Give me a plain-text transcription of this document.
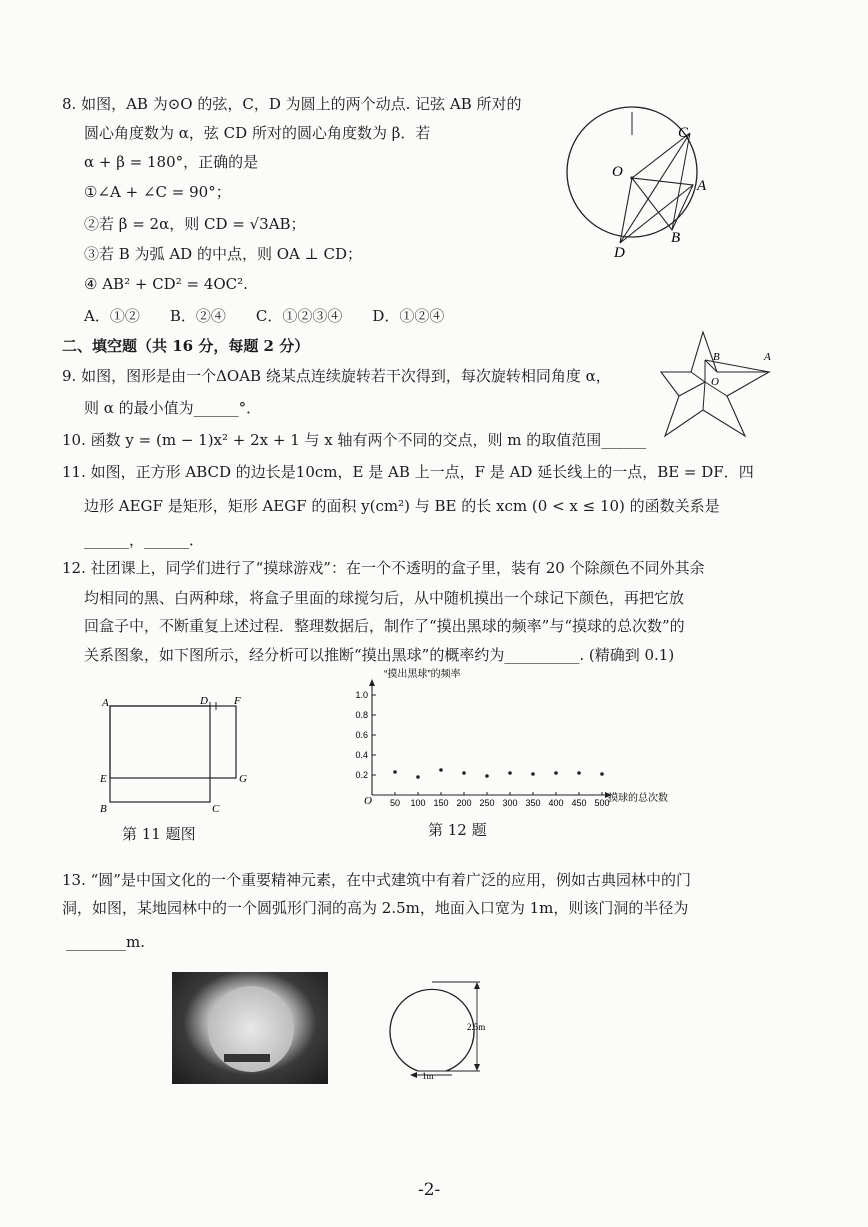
8. 如图，AB 为⊙O 的弦，C，D 为圆上的两个动点. 记弦 AB 所对的
圆心角度数为 α，弦 CD 所对的圆心角度数为 β．若
α + β = 180°，正确的是
①∠A + ∠C = 90°；
②若 β = 2α，则 CD = √3AB；
③若 B 为弧 AD 的中点，则 OA ⊥ CD；
④ AB² + CD² = 4OC².
A．①②　　B．②④　　C．①②③④　　D．①②④
C
O
A
B
D
二、填空题（共 16 分，每题 2 分）
9. 如图，图形是由一个ΔOAB 绕某点连续旋转若干次得到，每次旋转相同角度 α，
则 α 的最小值为______°．
B	A
O
10. 函数 y = (m − 1)x² + 2x + 1 与 x 轴有两个不同的交点，则 m 的取值范围______
11. 如图，正方形 ABCD 的边长是10cm，E 是 AB 上一点，F 是 AD 延长线上的一点，BE = DF．四
边形 AEGF 是矩形，矩形 AEGF 的面积 y(cm²) 与 BE 的长 xcm (0 < x ≤ 10) 的函数关系是
______，______．
12. 社团课上，同学们进行了“摸球游戏”：在一个不透明的盒子里，装有 20 个除颜色不同外其余
均相同的黑、白两种球，将盒子里面的球搅匀后，从中随机摸出一个球记下颜色，再把它放
回盒子中，不断重复上述过程．整理数据后，制作了“摸出黑球的频率”与“摸球的总次数”的
关系图象，如下图所示，经分析可以推断“摸出黑球”的概率约为__________. (精确到 0.1)
A	D F
E	G
B	C
第 11 题图
“摸出黑球”的频率
摸球的总次数
O 50 100 150 200 250 300 350 400 450 500
0.2
0.4
0.6
0.8
1.0
第 12 题
13. “圆”是中国文化的一个重要精神元素，在中式建筑中有着广泛的应用，例如古典园林中的门
洞，如图，某地园林中的一个圆弧形门洞的高为 2.5m，地面入口宽为 1m，则该门洞的半径为
________m.
2.5m
1m
-2-
